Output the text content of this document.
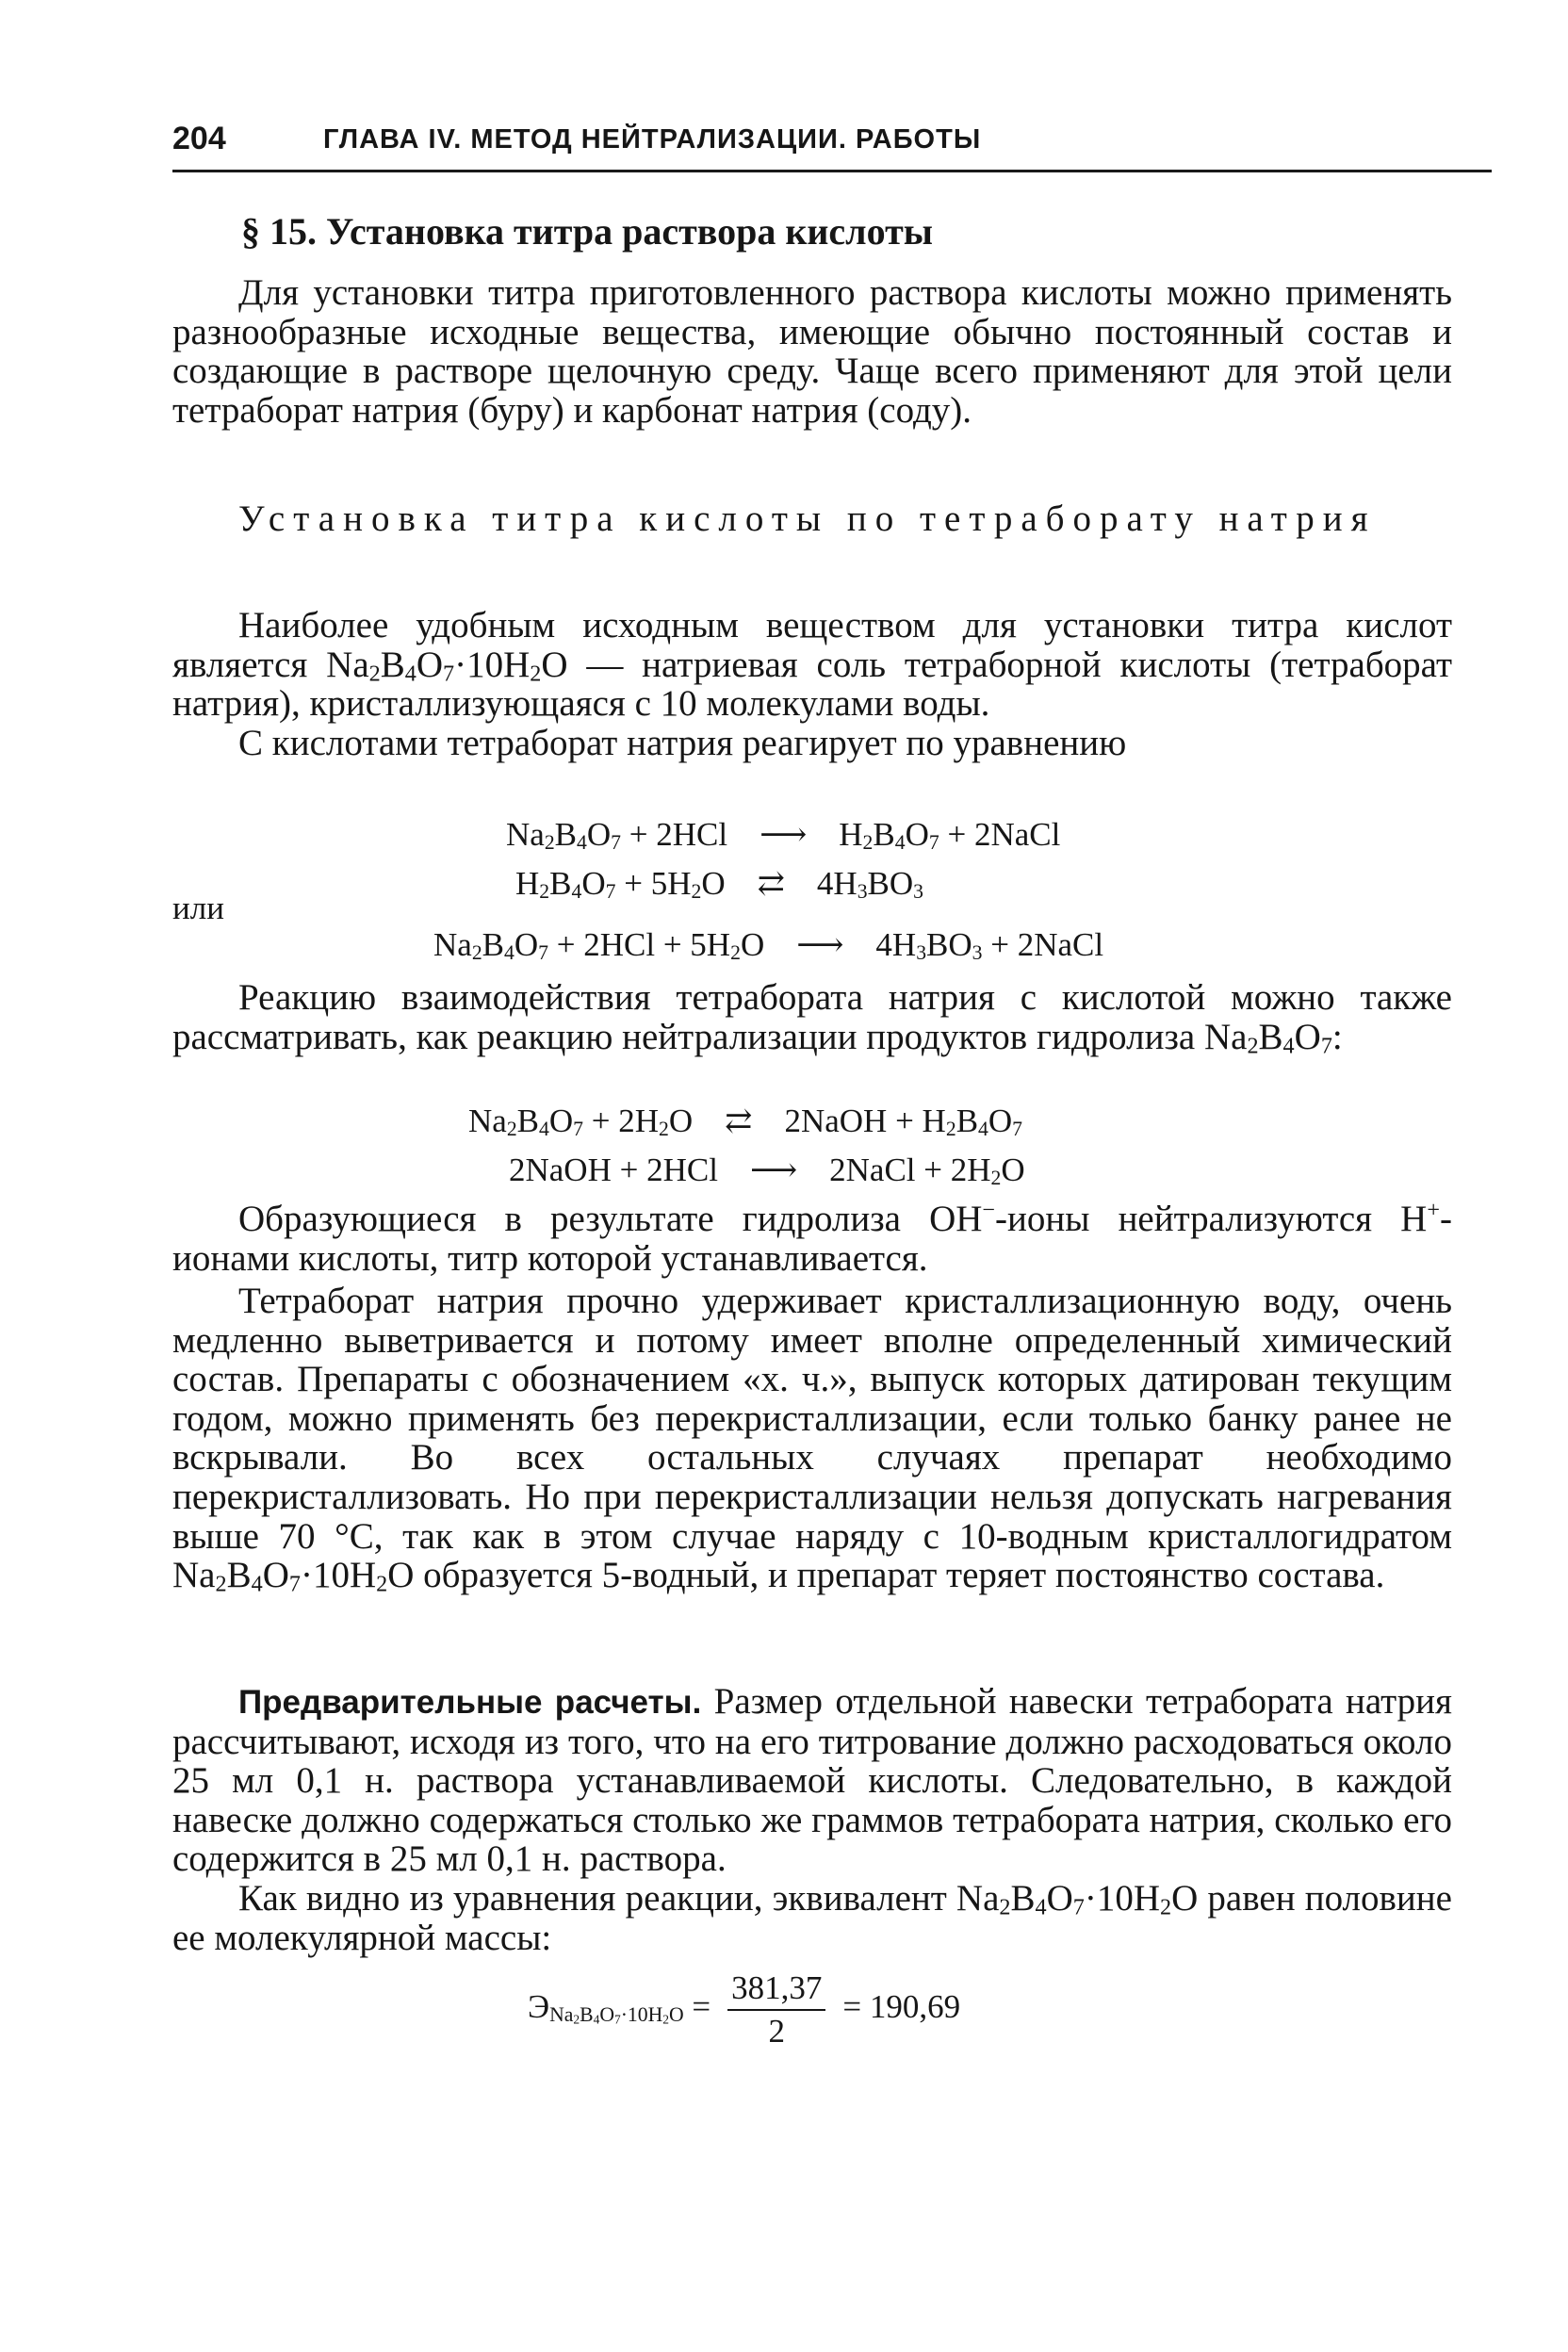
204	ГЛАВА IV. МЕТОД НЕЙТРАЛИЗАЦИИ. РАБОТЫ
§ 15. Установка титра раствора кислоты

Для установки титра приготовленного раствора кислоты можно применять разнообразные исходные вещества, имеющие обычно постоянный состав и создающие в растворе щелочную среду. Чаще всего применяют для этой цели тетраборат натрия (буру) и карбонат натрия (соду).

Установка титра кислоты по тетраборату натрия

Наиболее удобным исходным веществом для установки титра кислот является $Na_2B_4O_7\cdot 10H_2O$ — натриевая соль тетраборной кислоты (тетраборат натрия), кристаллизующаяся с 10 молекулами воды.

С кислотами тетраборат натрия реагирует по уравнению

$Na_2B_4O_7 + 2HCl$ ⟶ $H_2B_4O_7$ + 2NaCl
$H_2B_4O_7 + 5H_2O$ ⇄ $4H_3BO_3$
или
$Na_2B_4O_7 + 2HCl + 5H_2O$ ⟶ $4H_3BO_3$ + 2NaCl

Реакцию взаимодействия тетрабората натрия с кислотой можно также рассматривать, как реакцию нейтрализации продуктов гидролиза $Na_2B_4O_7$:

$Na_2B_4O_7 + 2H_2O$ ⇄ 2NaOH + $H_2B_4O_7$
2NaOH + 2HCl ⟶ 2NaCl + $2H_2O$

Образующиеся в результате гидролиза OH−-ионы нейтрализуются H+-ионами кислоты, титр которой устанавливается.

Тетраборат натрия прочно удерживает кристаллизационную воду, очень медленно выветривается и потому имеет вполне определенный химический состав. Препараты с обозначением «х. ч.», выпуск которых датирован текущим годом, можно применять без перекристаллизации, если только банку ранее не вскрывали. Во всех остальных случаях препарат необходимо перекристаллизовать. Но при перекристаллизации нельзя допускать нагревания выше 70 °C, так как в этом случае наряду с 10-водным кристаллогидратом $Na_2B_4O_7\cdot 10H_2O$ образуется 5-водный, и препарат теряет постоянство состава.

Предварительные расчеты. Размер отдельной навески тетрабората натрия рассчитывают, исходя из того, что на его титрование должно расходоваться около 25 мл 0,1 н. раствора устанавливаемой кислоты. Следовательно, в каждой навеске должно содержаться столько же граммов тетрабората натрия, сколько его содержится в 25 мл 0,1 н. раствора.

Как видно из уравнения реакции, эквивалент $Na_2B_4O_7\cdot 10H_2O$ равен половине ее молекулярной массы:

$Э_{Na_2B_4O_7\cdot 10H_2O} = \frac{381,37}{2} = 190,69$
